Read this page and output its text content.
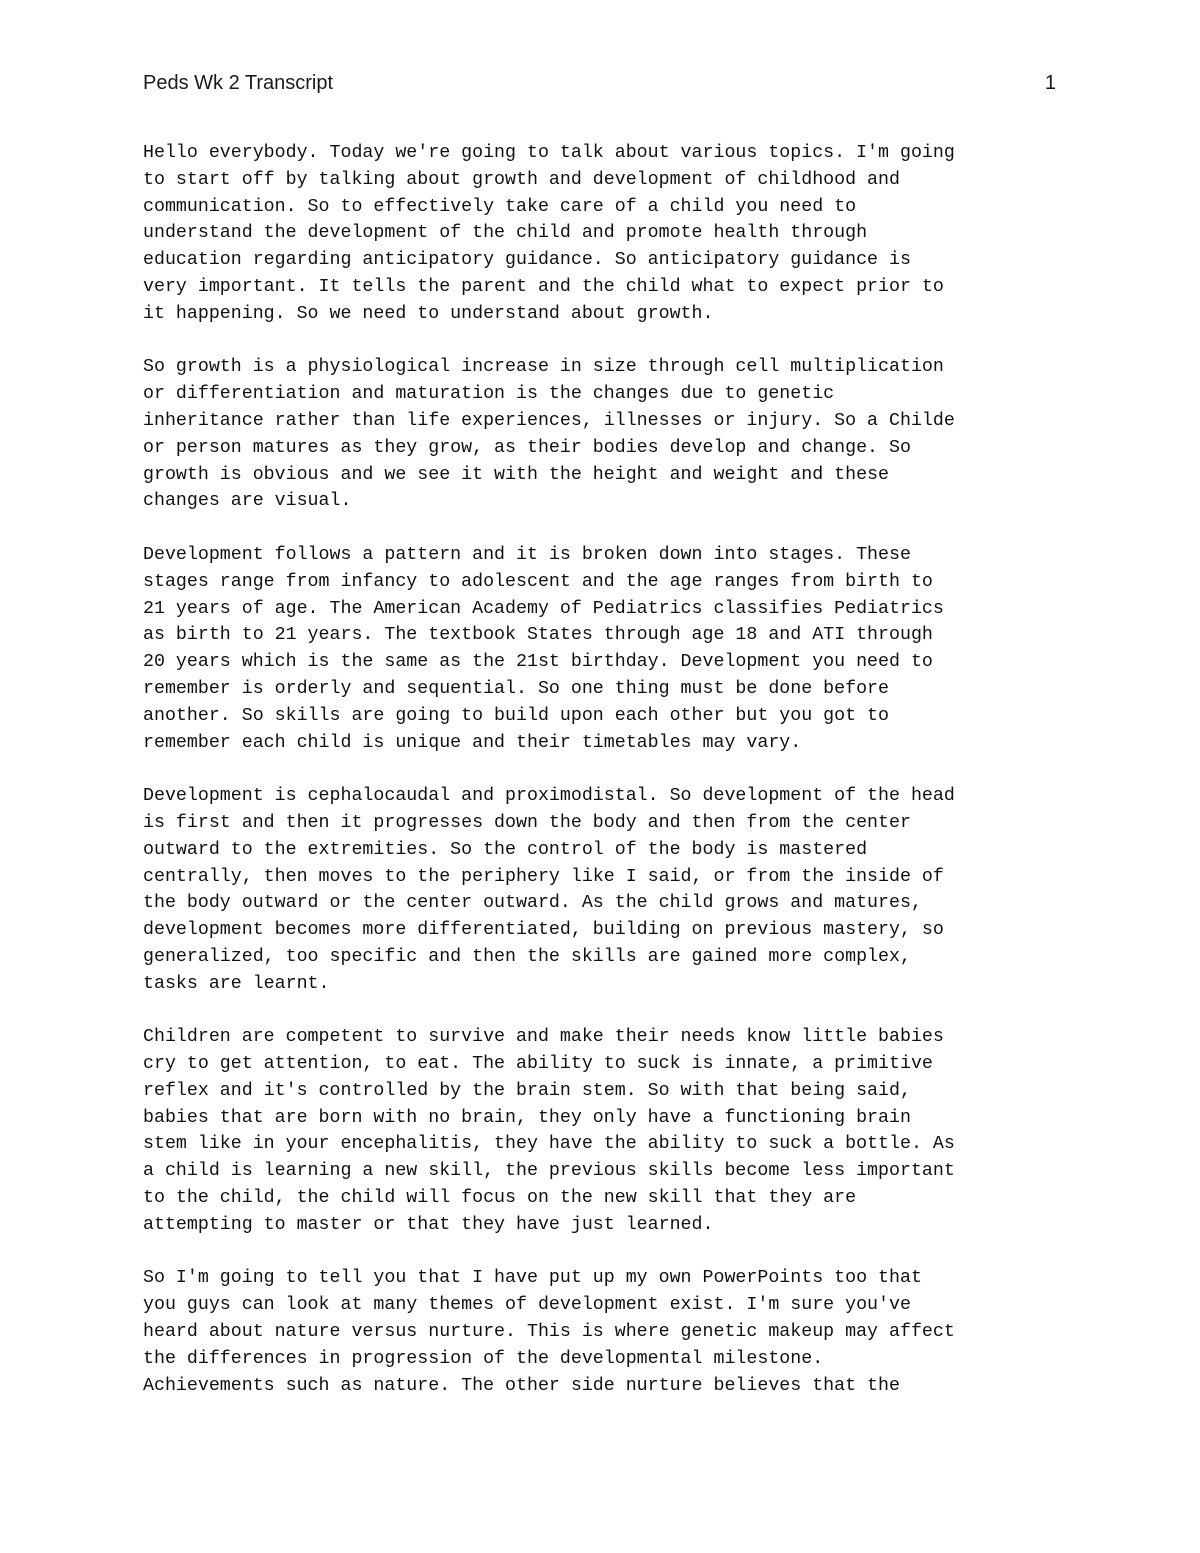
Peds Wk 2 Transcript	1
Hello everybody. Today we're going to talk about various topics. I'm going
to start off by talking about growth and development of childhood and
communication. So to effectively take care of a child you need to
understand the development of the child and promote health through
education regarding anticipatory guidance. So anticipatory guidance is
very important. It tells the parent and the child what to expect prior to
it happening. So we need to understand about growth.
So growth is a physiological increase in size through cell multiplication
or differentiation and maturation is the changes due to genetic
inheritance rather than life experiences, illnesses or injury. So a Childe
or person matures as they grow, as their bodies develop and change. So
growth is obvious and we see it with the height and weight and these
changes are visual.
Development follows a pattern and it is broken down into stages. These
stages range from infancy to adolescent and the age ranges from birth to
21 years of age. The American Academy of Pediatrics classifies Pediatrics
as birth to 21 years. The textbook States through age 18 and ATI through
20 years which is the same as the 21st birthday. Development you need to
remember is orderly and sequential. So one thing must be done before
another. So skills are going to build upon each other but you got to
remember each child is unique and their timetables may vary.
Development is cephalocaudal and proximodistal. So development of the head
is first and then it progresses down the body and then from the center
outward to the extremities. So the control of the body is mastered
centrally, then moves to the periphery like I said, or from the inside of
the body outward or the center outward. As the child grows and matures,
development becomes more differentiated, building on previous mastery, so
generalized, too specific and then the skills are gained more complex,
tasks are learnt.
Children are competent to survive and make their needs know little babies
cry to get attention, to eat. The ability to suck is innate, a primitive
reflex and it's controlled by the brain stem. So with that being said,
babies that are born with no brain, they only have a functioning brain
stem like in your encephalitis, they have the ability to suck a bottle. As
a child is learning a new skill, the previous skills become less important
to the child, the child will focus on the new skill that they are
attempting to master or that they have just learned.
So I'm going to tell you that I have put up my own PowerPoints too that
you guys can look at many themes of development exist. I'm sure you've
heard about nature versus nurture. This is where genetic makeup may affect
the differences in progression of the developmental milestone.
Achievements such as nature. The other side nurture believes that the
